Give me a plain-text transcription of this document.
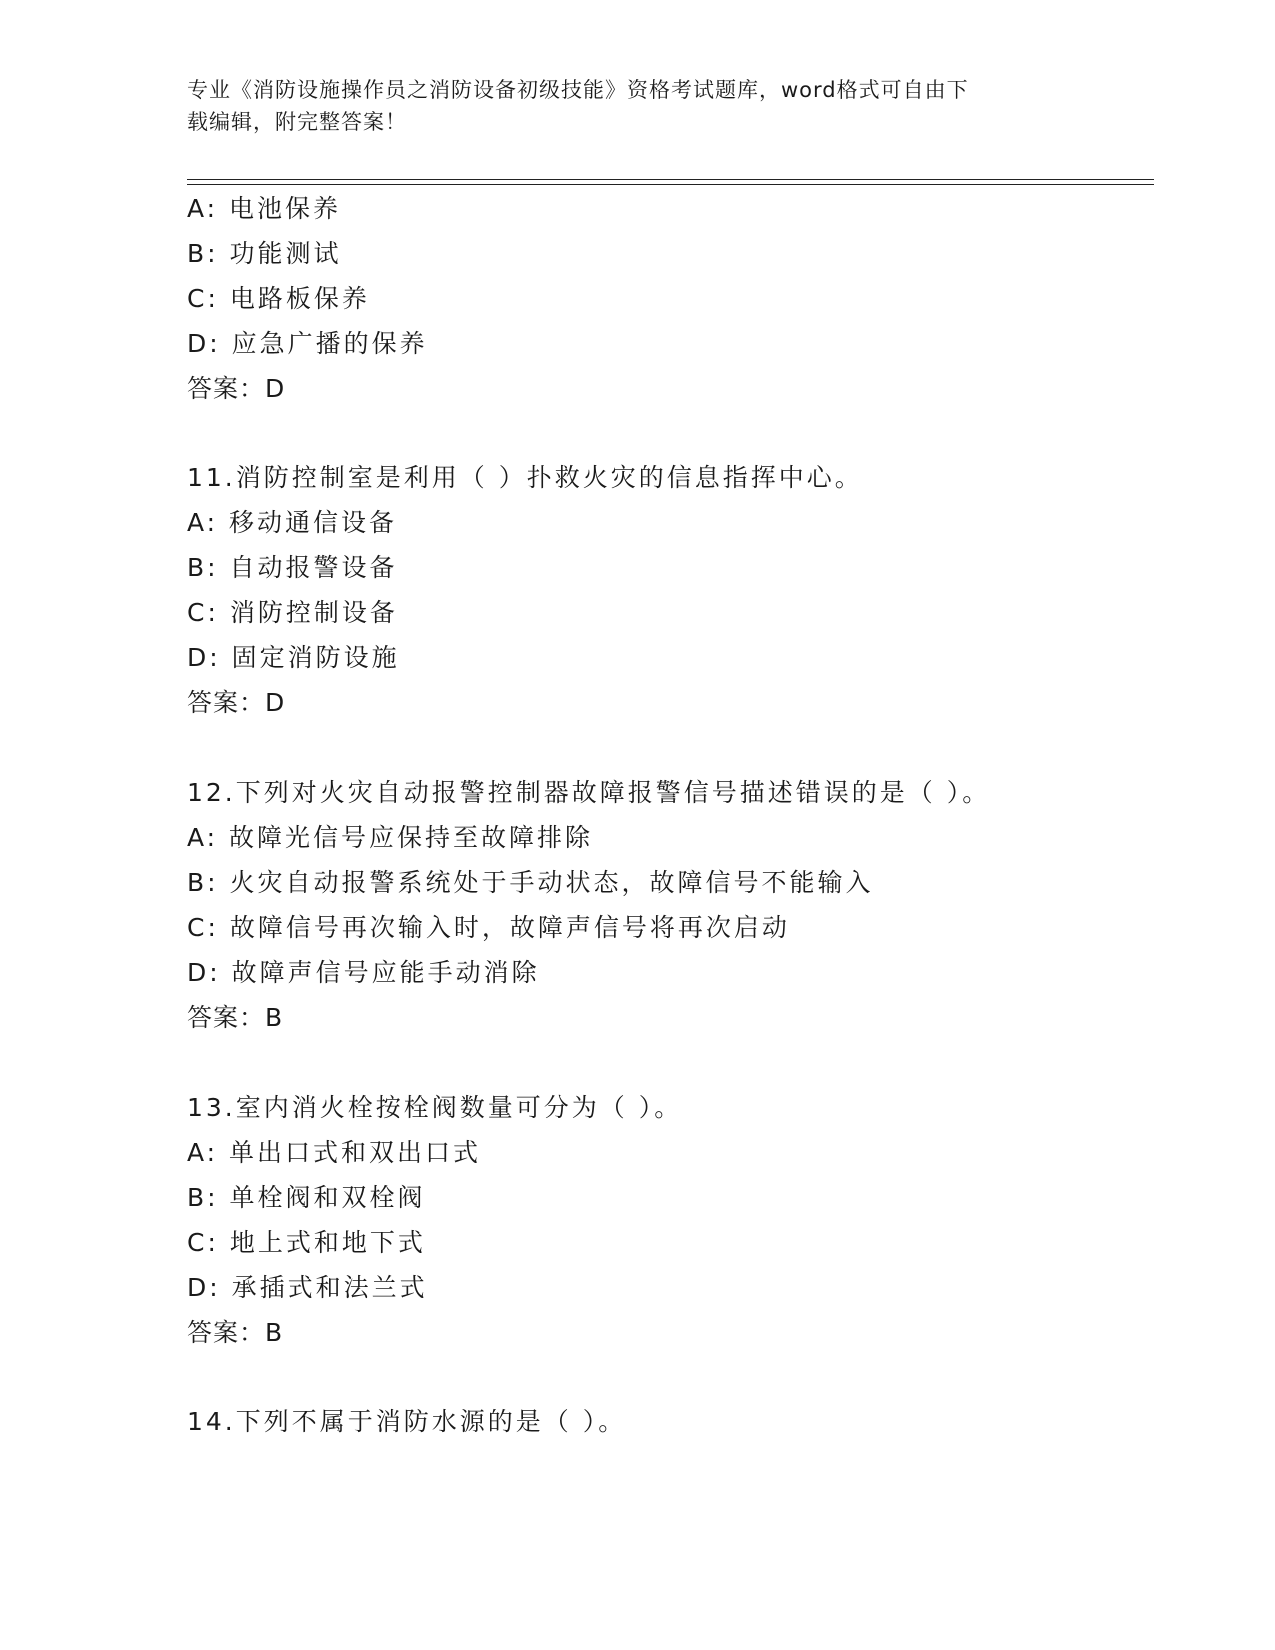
专业《消防设施操作员之消防设备初级技能》资格考试题库，word格式可自由下
载编辑，附完整答案！
A: 电池保养
B: 功能测试
C: 电路板保养
D: 应急广播的保养
答案：D
11.消防控制室是利用（ ）扑救火灾的信息指挥中心。
A: 移动通信设备
B: 自动报警设备
C: 消防控制设备
D: 固定消防设施
答案：D
12.下列对火灾自动报警控制器故障报警信号描述错误的是（ ）。
A: 故障光信号应保持至故障排除
B: 火灾自动报警系统处于手动状态，故障信号不能输入
C: 故障信号再次输入时，故障声信号将再次启动
D: 故障声信号应能手动消除
答案：B
13.室内消火栓按栓阀数量可分为（ ）。
A: 单出口式和双出口式
B: 单栓阀和双栓阀
C: 地上式和地下式
D: 承插式和法兰式
答案：B
14.下列不属于消防水源的是（ ）。
